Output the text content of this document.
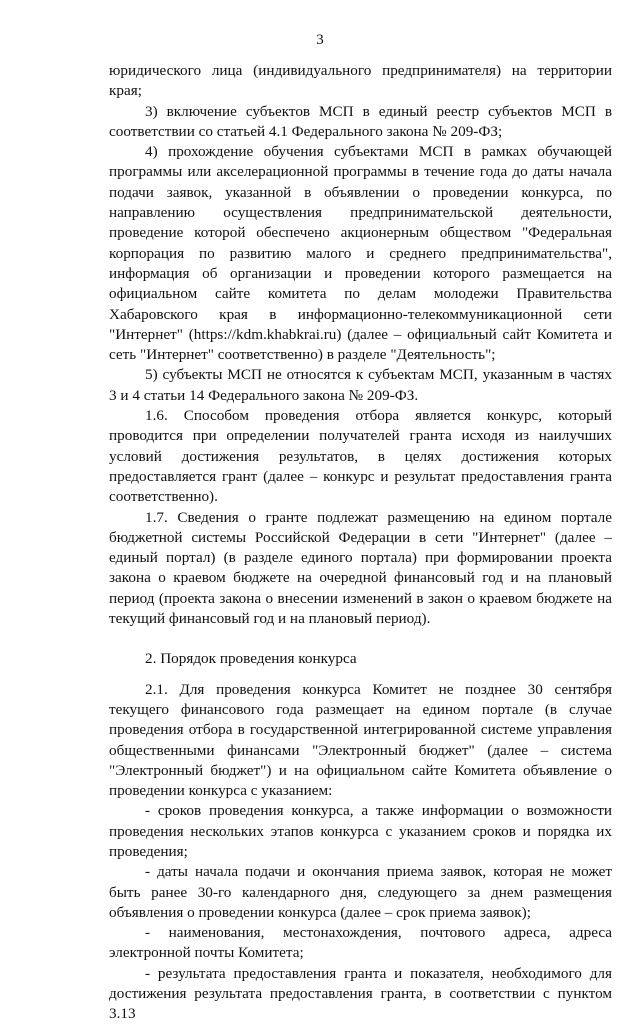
3

юридического лица (индивидуального предпринимателя) на территории края;

3) включение субъектов МСП в единый реестр субъектов МСП в соответствии со статьей 4.1 Федерального закона № 209-ФЗ;

4) прохождение обучения субъектами МСП в рамках обучающей программы или акселерационной программы в течение года до даты начала подачи заявок, указанной в объявлении о проведении конкурса, по направлению осуществления предпринимательской деятельности, проведение которой обеспечено акционерным обществом "Федеральная корпорация по развитию малого и среднего предпринимательства", информация об организации и проведении которого размещается на официальном сайте комитета по делам молодежи Правительства Хабаровского края в информационно-телекоммуникационной сети "Интернет" (https://kdm.khabkrai.ru) (далее – официальный сайт Комитета и сеть "Интернет" соответственно) в разделе "Деятельность";

5) субъекты МСП не относятся к субъектам МСП, указанным в частях 3 и 4 статьи 14 Федерального закона № 209-ФЗ.

1.6. Способом проведения отбора является конкурс, который проводится при определении получателей гранта исходя из наилучших условий достижения результатов, в целях достижения которых предоставляется грант (далее – конкурс и результат предоставления гранта соответственно).

1.7. Сведения о гранте подлежат размещению на едином портале бюджетной системы Российской Федерации в сети "Интернет" (далее – единый портал) (в разделе единого портала) при формировании проекта закона о краевом бюджете на очередной финансовый год и на плановый период (проекта закона о внесении изменений в закон о краевом бюджете на текущий финансовый год и на плановый период).

2. Порядок проведения конкурса

2.1. Для проведения конкурса Комитет не позднее 30 сентября текущего финансового года размещает на едином портале (в случае проведения отбора в государственной интегрированной системе управления общественными финансами "Электронный бюджет" (далее – система "Электронный бюджет") и на официальном сайте Комитета объявление о проведении конкурса с указанием:

- сроков проведения конкурса, а также информации о возможности проведения нескольких этапов конкурса с указанием сроков и порядка их проведения;

- даты начала подачи и окончания приема заявок, которая не может быть ранее 30-го календарного дня, следующего за днем размещения объявления о проведении конкурса (далее – срок приема заявок);

- наименования, местонахождения, почтового адреса, адреса электронной почты Комитета;

- результата предоставления гранта и показателя, необходимого для достижения результата предоставления гранта, в соответствии с пунктом 3.13
